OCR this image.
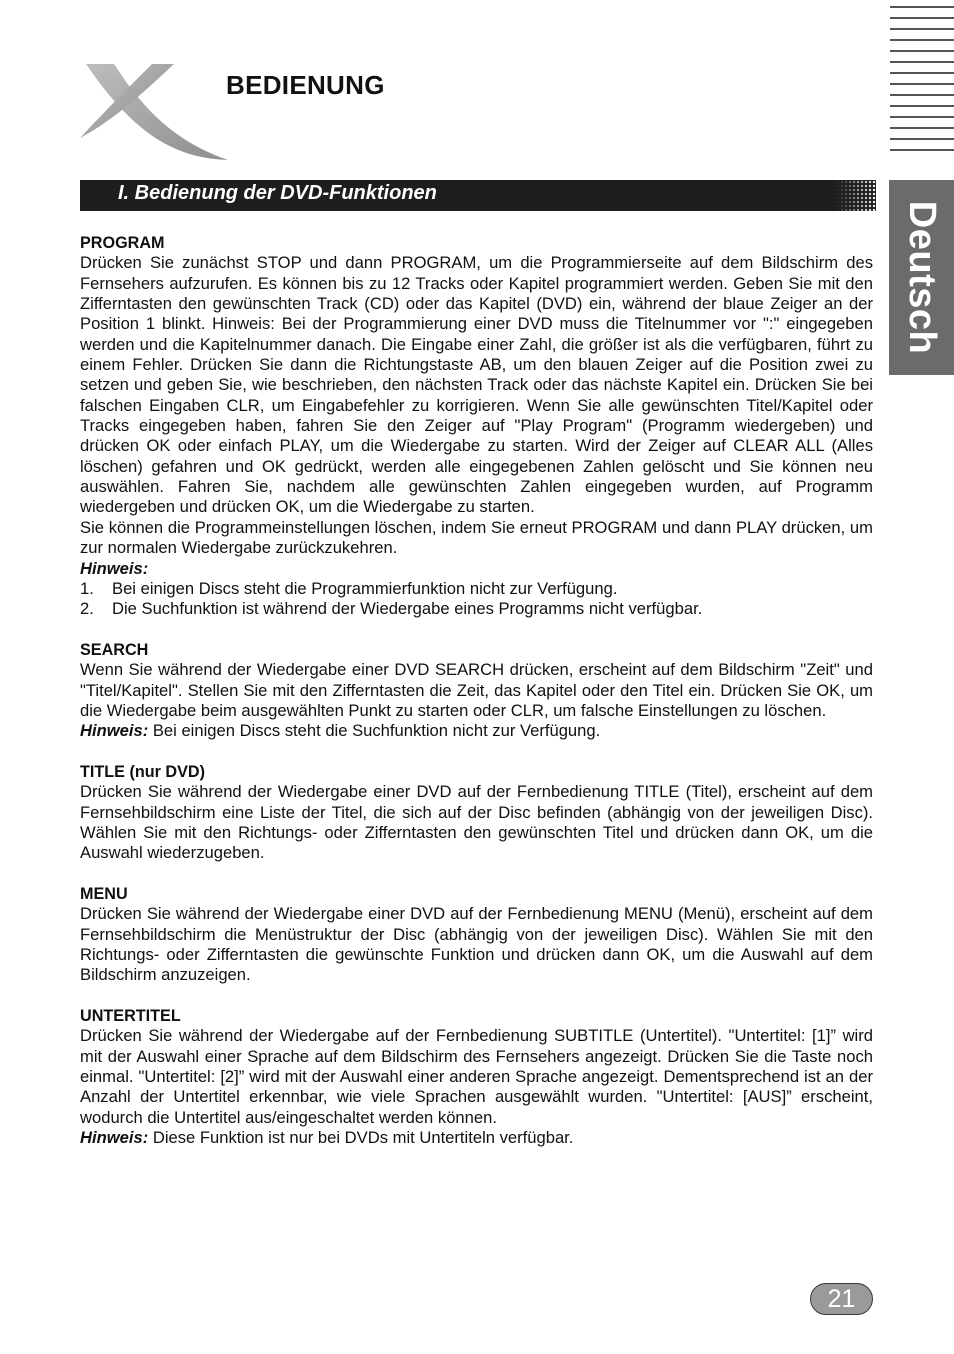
BEDIENUNG
Deutsch
I. Bedienung der DVD-Funktionen
PROGRAM

Drücken Sie zunächst STOP und dann PROGRAM, um die Programmierseite auf dem Bildschirm des Fernsehers aufzurufen. Es können bis zu 12 Tracks oder Kapitel programmiert werden. Geben Sie mit den Zifferntasten den gewünschten Track (CD) oder das Kapitel (DVD) ein, während der blaue Zeiger an der Position 1 blinkt. Hinweis: Bei der Programmierung einer DVD muss die Titelnummer vor ":" eingegeben werden und die Kapitelnummer danach. Die Eingabe einer Zahl, die größer ist als die verfügbaren, führt zu einem Fehler. Drücken Sie dann die Richtungstaste AB, um den blauen Zeiger auf die Position zwei zu setzen und geben Sie, wie beschrieben, den nächsten Track oder das nächste Kapitel ein. Drücken Sie bei falschen Eingaben CLR, um Eingabefehler zu korrigieren. Wenn Sie alle gewünschten Titel/Kapitel oder Tracks eingegeben haben, fahren Sie den Zeiger auf "Play Program" (Programm wiedergeben) und drücken OK oder einfach PLAY, um die Wiedergabe zu starten. Wird der Zeiger auf CLEAR ALL (Alles löschen) gefahren und OK gedrückt, werden alle eingegebenen Zahlen gelöscht und Sie können neu auswählen. Fahren Sie, nachdem alle gewünschten Zahlen eingegeben wurden, auf Programm wiedergeben und drücken OK, um die Wiedergabe zu starten.

Sie können die Programmeinstellungen löschen, indem Sie erneut PROGRAM und dann PLAY drücken, um zur normalen Wiedergabe zurückzukehren.

Hinweis:
1. Bei einigen Discs steht die Programmierfunktion nicht zur Verfügung.
2. Die Suchfunktion ist während der Wiedergabe eines Programms nicht verfügbar.
SEARCH

Wenn Sie während der Wiedergabe einer DVD SEARCH drücken, erscheint auf dem Bildschirm "Zeit" und "Titel/Kapitel". Stellen Sie mit den Zifferntasten die Zeit, das Kapitel oder den Titel ein. Drücken Sie OK, um die Wiedergabe beim ausgewählten Punkt zu starten oder CLR, um falsche Einstellungen zu löschen.

Hinweis: Bei einigen Discs steht die Suchfunktion nicht zur Verfügung.

TITLE (nur DVD)

Drücken Sie während der Wiedergabe einer DVD auf der Fernbedienung TITLE (Titel), erscheint auf dem Fernsehbildschirm eine Liste der Titel, die sich auf der Disc befinden (abhängig von der jeweiligen Disc). Wählen Sie mit den Richtungs- oder Zifferntasten den gewünschten Titel und drücken dann OK, um die Auswahl wiederzugeben.

MENU

Drücken Sie während der Wiedergabe einer DVD auf der Fernbedienung MENU (Menü), erscheint auf dem Fernsehbildschirm die Menüstruktur der Disc (abhängig von der jeweiligen Disc). Wählen Sie mit den Richtungs- oder Zifferntasten die gewünschte Funktion und drücken dann OK, um die Auswahl auf dem Bildschirm anzuzeigen.

UNTERTITEL

Drücken Sie während der Wiedergabe auf der Fernbedienung SUBTITLE (Untertitel). "Untertitel: [1]” wird mit der Auswahl einer Sprache auf dem Bildschirm des Fernsehers angezeigt. Drücken Sie die Taste noch einmal. "Untertitel: [2]” wird mit der Auswahl einer anderen Sprache angezeigt. Dementsprechend ist an der Anzahl der Untertitel erkennbar, wie viele Sprachen ausgewählt wurden. "Untertitel: [AUS]” erscheint, wodurch die Untertitel aus/eingeschaltet werden können.

Hinweis: Diese Funktion ist nur bei DVDs mit Untertiteln verfügbar.

21
